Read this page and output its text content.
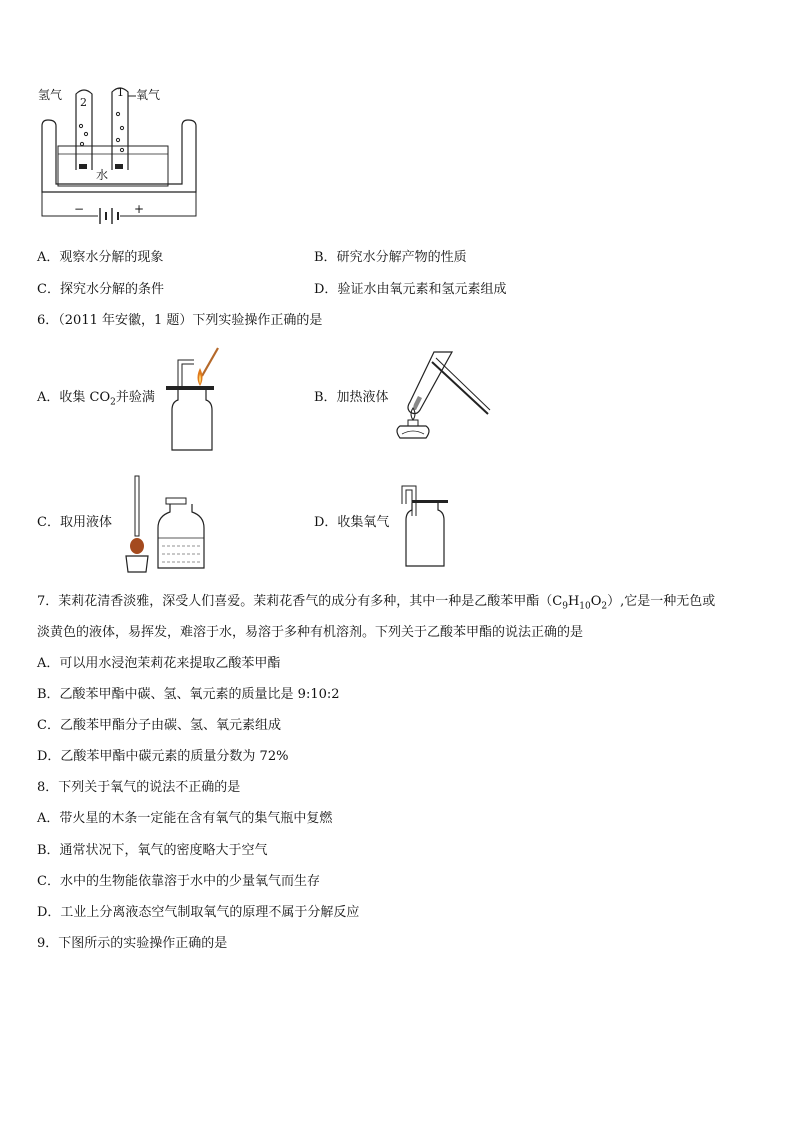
氢气	氧气
2
1
水
−	+
A．观察水分解的现象	B．研究水分解产物的性质
C．探究水分解的条件	D．验证水由氧元素和氢元素组成
6．（2011 年安徽，1 题）下列实验操作正确的是
A．收集 $CO_2$并验满	B．加热液体
C．取用液体	D．收集氧气
7．茉莉花清香淡雅，深受人们喜爱。茉莉花香气的成分有多种，其中一种是乙酸苯甲酯$(C_9H_{10}O_2)$,它是一种无色或
淡黄色的液体，易挥发，难溶于水，易溶于多种有机溶剂。下列关于乙酸苯甲酯的说法正确的是
A．可以用水浸泡茉莉花来提取乙酸苯甲酯
B．乙酸苯甲酯中碳、氢、氧元素的质量比是 9:10:2
C．乙酸苯甲酯分子由碳、氢、氧元素组成
D．乙酸苯甲酯中碳元素的质量分数为 72%
8．下列关于氧气的说法不正确的是
A．带火星的木条一定能在含有氧气的集气瓶中复燃
B．通常状况下，氧气的密度略大于空气
C．水中的生物能依靠溶于水中的少量氧气而生存
D．工业上分离液态空气制取氧气的原理不属于分解反应
9．下图所示的实验操作正确的是
